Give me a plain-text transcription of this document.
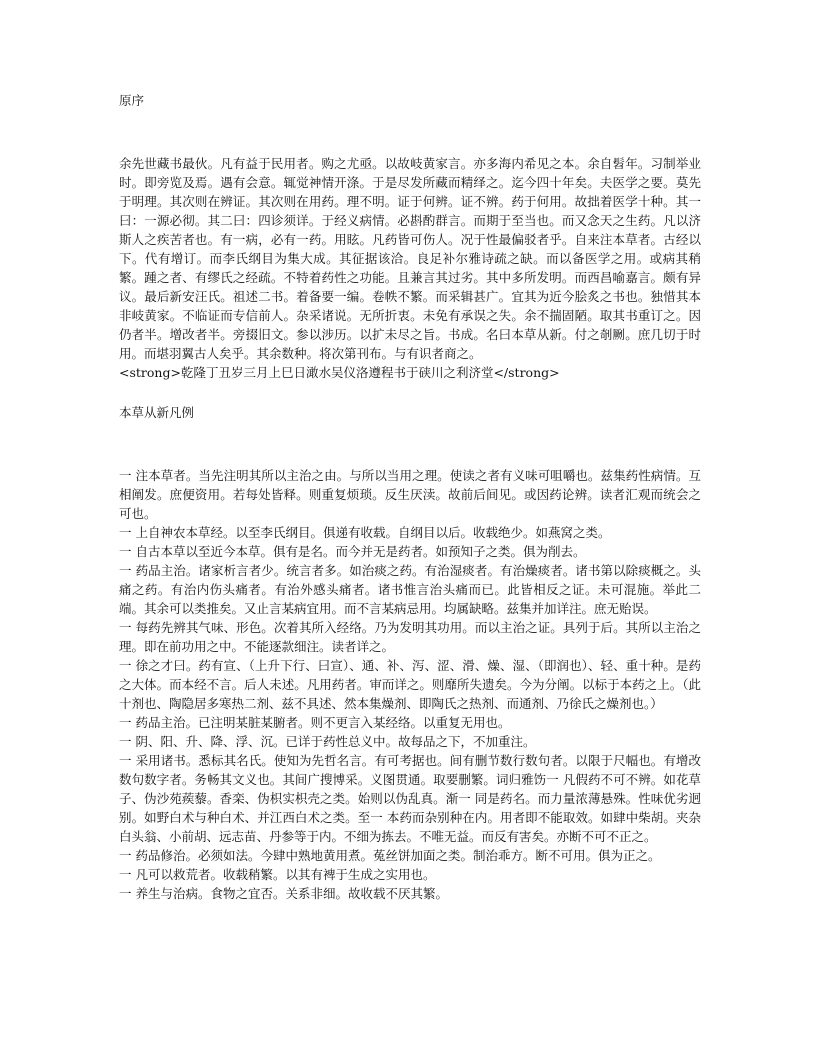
原序

余先世藏书最伙。凡有益于民用者。购之尤亟。以故岐黄家言。亦多海内希见之本。余自髫年。习制举业时。即旁览及焉。遇有会意。辄觉神情开涤。于是尽发所藏而精绎之。迄今四十年矣。夫医学之要。莫先于明理。其次则在辨证。其次则在用药。理不明。证于何辨。证不辨。药于何用。故拙着医学十种。其一曰：一源必彻。其二曰：四诊须详。于经义病情。必斟酌群言。而期于至当也。而又念天之生药。凡以济斯人之疾苦者也。有一病，必有一药。用眩。凡药皆可伤人。况于性最偏驳者乎。自来注本草者。古经以下。代有增订。而李氏纲目为集大成。其征据该洽。良足补尔雅诗疏之缺。而以备医学之用。或病其稍繁。踵之者、有缪氏之经疏。不特着药性之功能。且兼言其过劣。其中多所发明。而西昌喻嘉言。颇有异议。最后新安汪氏。祖述二书。着备要一编。卷帙不繁。而采辑甚广。宜其为近今脍炙之书也。独惜其本非岐黄家。不临证而专信前人。杂采诸说。无所折衷。未免有承误之失。余不揣固陋。取其书重订之。因仍者半。增改者半。旁掇旧文。参以涉历。以扩未尽之旨。书成。名曰本草从新。付之剞劂。庶几切于时用。而堪羽翼古人矣乎。其余数种。将次第刊布。与有识者商之。

<strong>乾隆丁丑岁三月上巳日澉水吴仪洛遵程书于硖川之利济堂</strong>

本草从新凡例

一 注本草者。当先注明其所以主治之由。与所以当用之理。使读之者有义味可咀嚼也。兹集药性病情。互相阐发。庶便资用。若每处皆释。则重复烦琐。反生厌渎。故前后间见。或因药论辨。读者汇观而统会之可也。

一 上自神农本草经。以至李氏纲目。俱递有收载。自纲目以后。收载绝少。如燕窝之类。

一 自古本草以至近今本草。俱有是名。而今并无是药者。如预知子之类。俱为削去。

一 药品主治。诸家析言者少。统言者多。如治痰之药。有治湿痰者。有治燥痰者。诸书第以除痰概之。头痛之药。有治内伤头痛者。有治外感头痛者。诸书惟言治头痛而已。此皆相反之证。未可混施。举此二端。其余可以类推矣。又止言某病宜用。而不言某病忌用。均属缺略。兹集并加详注。庶无贻误。

一 每药先辨其气味、形色。次着其所入经络。乃为发明其功用。而以主治之证。具列于后。其所以主治之理。即在前功用之中。不能逐款细注。读者详之。

一 徐之才曰。药有宣、（上升下行、曰宣）、通、补、泻、涩、滑、燥、湿、（即润也）、轻、重十种。是药之大体。而本经不言。后人未述。凡用药者。审而详之。则靡所失遗矣。今为分阐。以标于本药之上。（此十剂也、陶隐居多寒热二剂、兹不具述、然本集燥剂、即陶氏之热剂、而通剂、乃徐氏之燥剂也。）

一 药品主治。已注明某脏某腑者。则不更言入某经络。以重复无用也。

一 阴、阳、升、降、浮、沉。已详于药性总义中。故每品之下，不加重注。

一 采用诸书。悉标其名氏。使知为先哲名言。有可考据也。间有删节数行数句者。以限于尺幅也。有增改数句数字者。务畅其文义也。其间广搜博采。义图贯通。取要删繁。词归雅饬一 凡假药不可不辨。如花草子、伪沙苑蒺藜。香栾、伪枳实枳壳之类。始则以伪乱真。渐一 同是药名。而力量浓薄悬殊。性味优劣迥别。如野白术与种白术、并江西白术之类。至一 本药而杂别种在内。用者即不能取效。如肆中柴胡。夹杂白头翁、小前胡、远志苗、丹参等于内。不细为拣去。不唯无益。而反有害矣。亦断不可不正之。

一 药品修治。必须如法。今肆中熟地黄用煮。菟丝饼加面之类。制治乖方。断不可用。俱为正之。

一 凡可以救荒者。收载稍繁。以其有裨于生成之实用也。

一 养生与治病。食物之宜否。关系非细。故收载不厌其繁。
